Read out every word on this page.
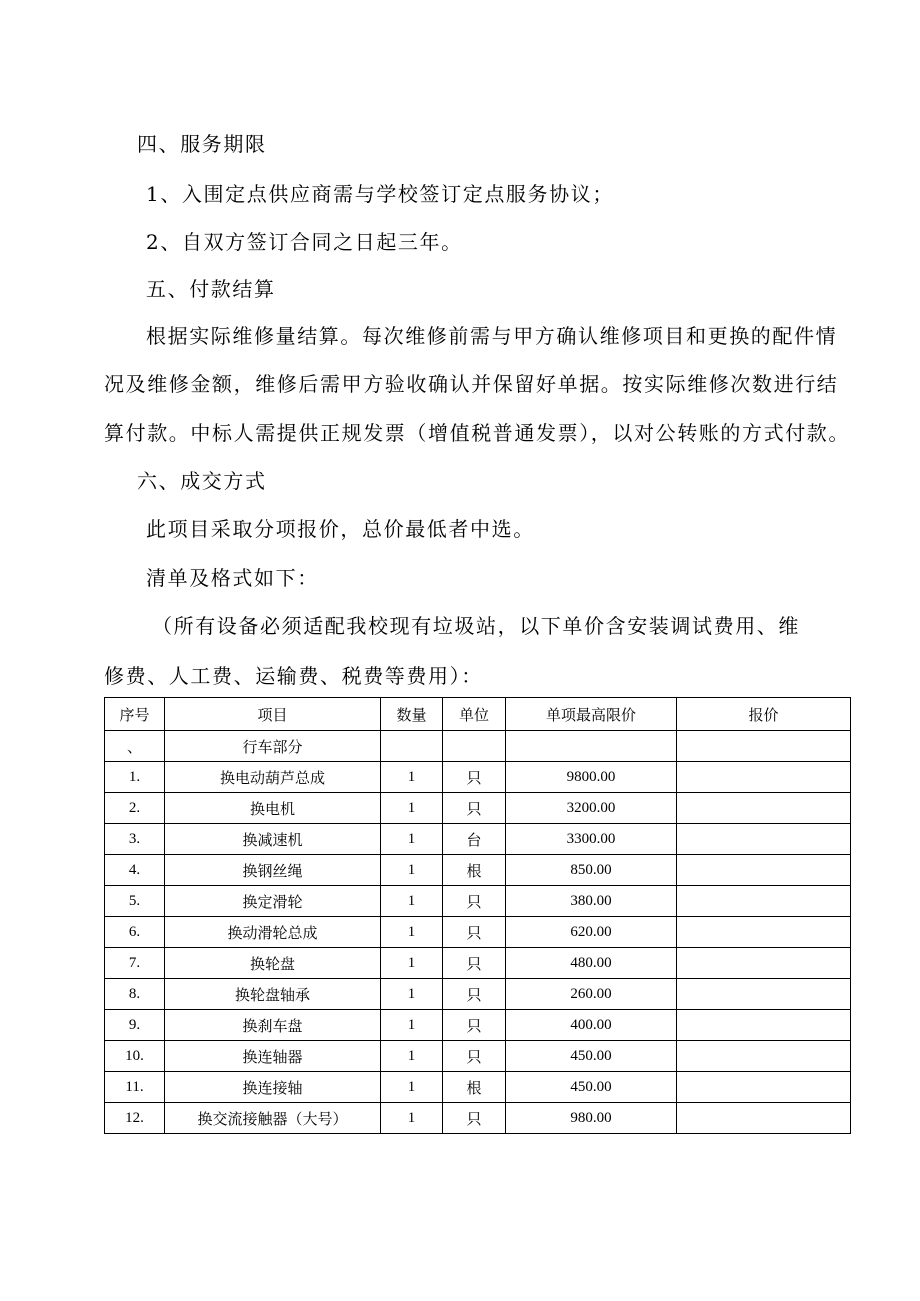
四、服务期限
1、入围定点供应商需与学校签订定点服务协议；
2、自双方签订合同之日起三年。
五、付款结算
根据实际维修量结算。每次维修前需与甲方确认维修项目和更换的配件情
况及维修金额，维修后需甲方验收确认并保留好单据。按实际维修次数进行结
算付款。中标人需提供正规发票（增值税普通发票），以对公转账的方式付款。
六、成交方式
此项目采取分项报价，总价最低者中选。
清单及格式如下：
（所有设备必须适配我校现有垃圾站，以下单价含安装调试费用、维
修费、人工费、运输费、税费等费用）：
序号	项目	数量	单位	单项最高限价	报价
、	行车部分				
1.	换电动葫芦总成	1	只	9800.00	
2.	换电机	1	只	3200.00	
3.	换减速机	1	台	3300.00	
4.	换钢丝绳	1	根	850.00	
5.	换定滑轮	1	只	380.00	
6.	换动滑轮总成	1	只	620.00	
7.	换轮盘	1	只	480.00	
8.	换轮盘轴承	1	只	260.00	
9.	换刹车盘	1	只	400.00	
10.	换连轴器	1	只	450.00	
11.	换连接轴	1	根	450.00	
12.	换交流接触器（大号）	1	只	980.00	
